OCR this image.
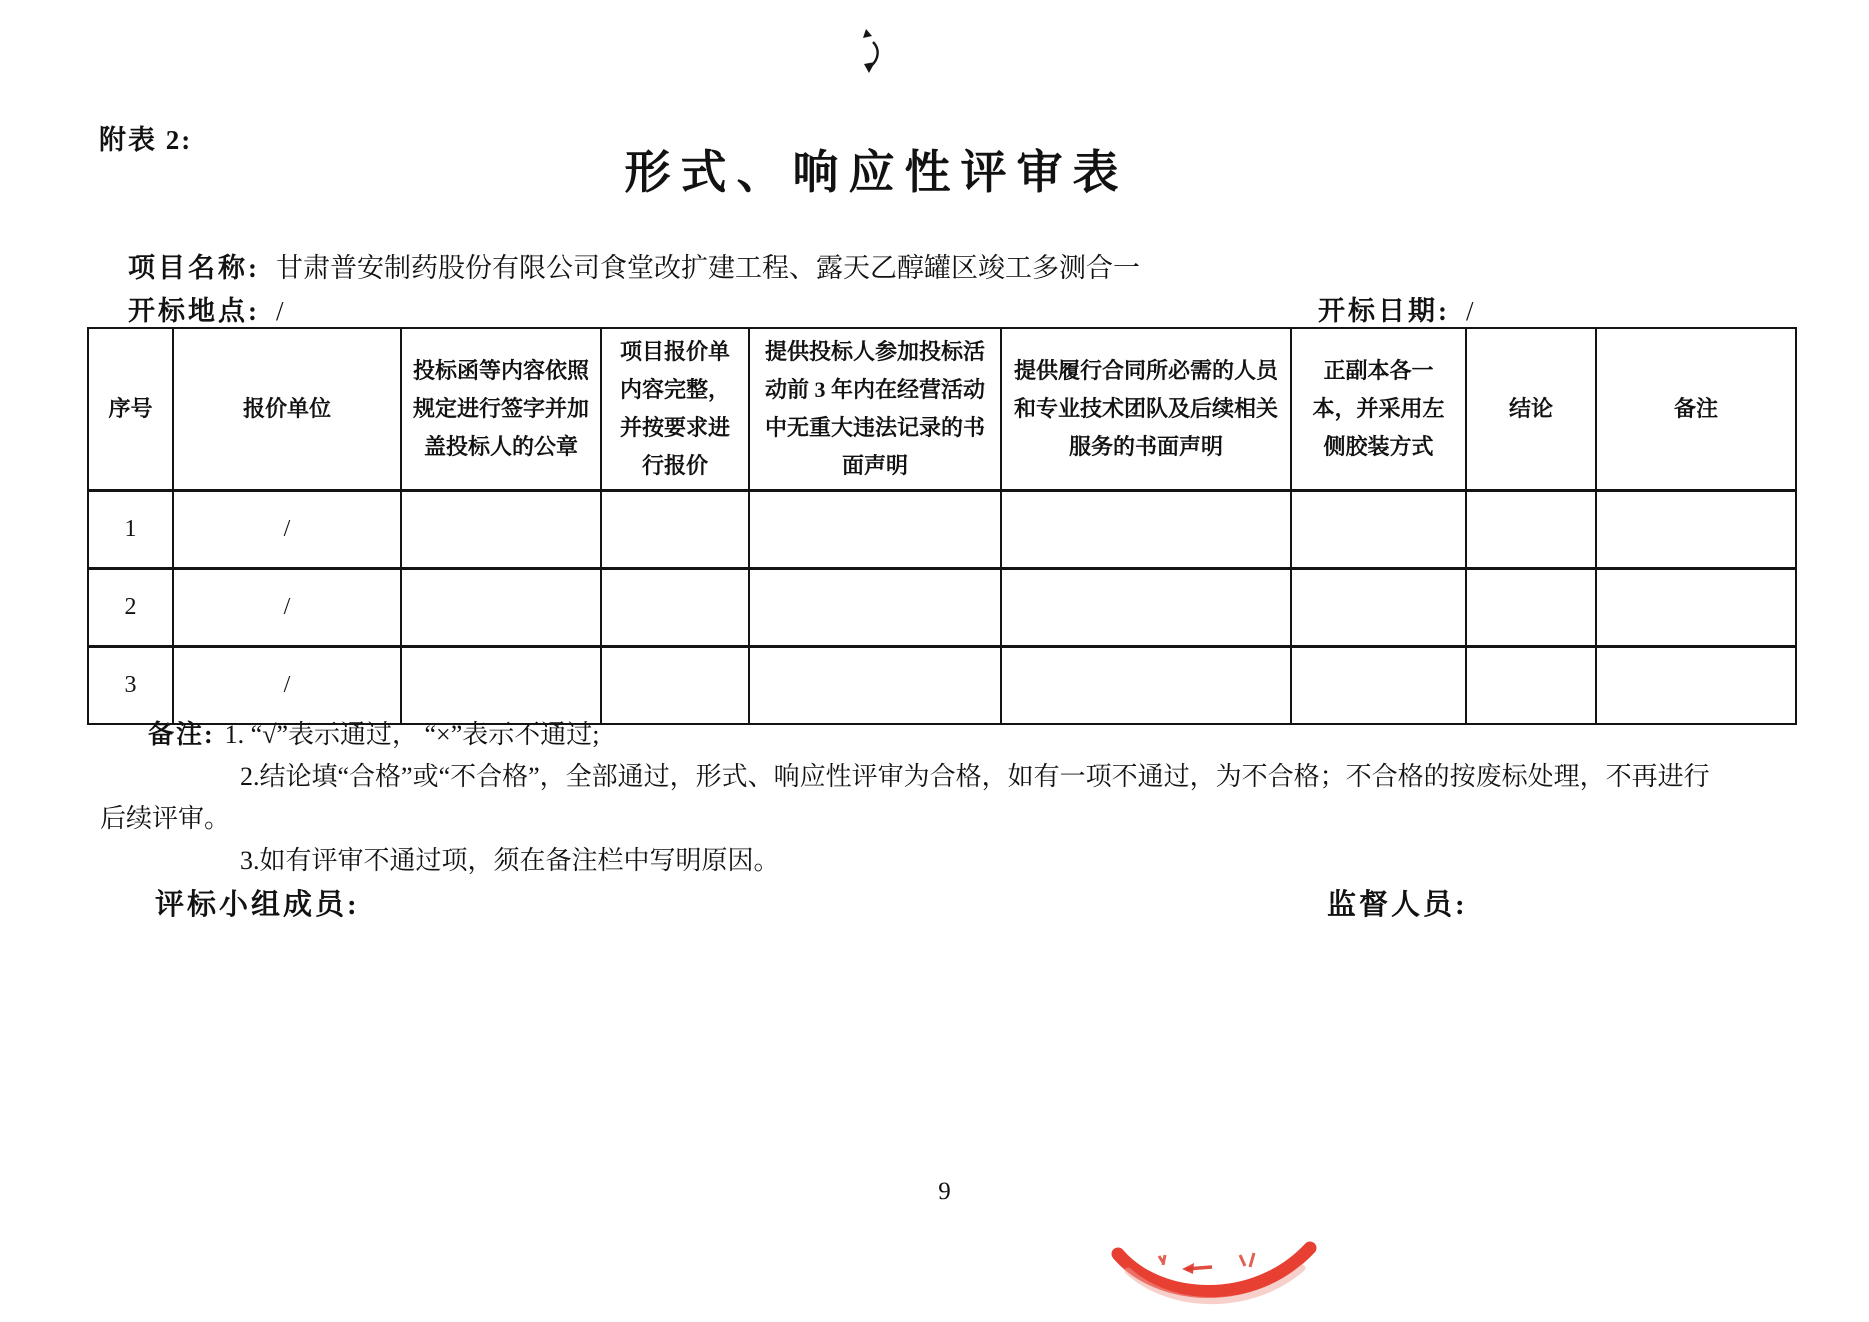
附表 2:
形式、响应性评审表
项目名称: 甘肃普安制药股份有限公司食堂改扩建工程、露天乙醇罐区竣工多测合一
开标地点: /	开标日期: /
序号	报价单位	投标函等内容依照规定进行签字并加盖投标人的公章	项目报价单内容完整，并按要求进行报价	提供投标人参加投标活动前 3 年内在经营活动中无重大违法记录的书面声明	提供履行合同所必需的人员和专业技术团队及后续相关服务的书面声明	正副本各一本，并采用左侧胶装方式	结论	备注
1	/							
2	/							
3	/							
备注: 1. “√”表示通过， “×”表示不通过;
2.结论填“合格”或“不合格”，全部通过，形式、响应性评审为合格，如有一项不通过，为不合格；不合格的按废标处理，不再进行
后续评审。
3.如有评审不通过项，须在备注栏中写明原因。
评标小组成员:	监督人员:
9
